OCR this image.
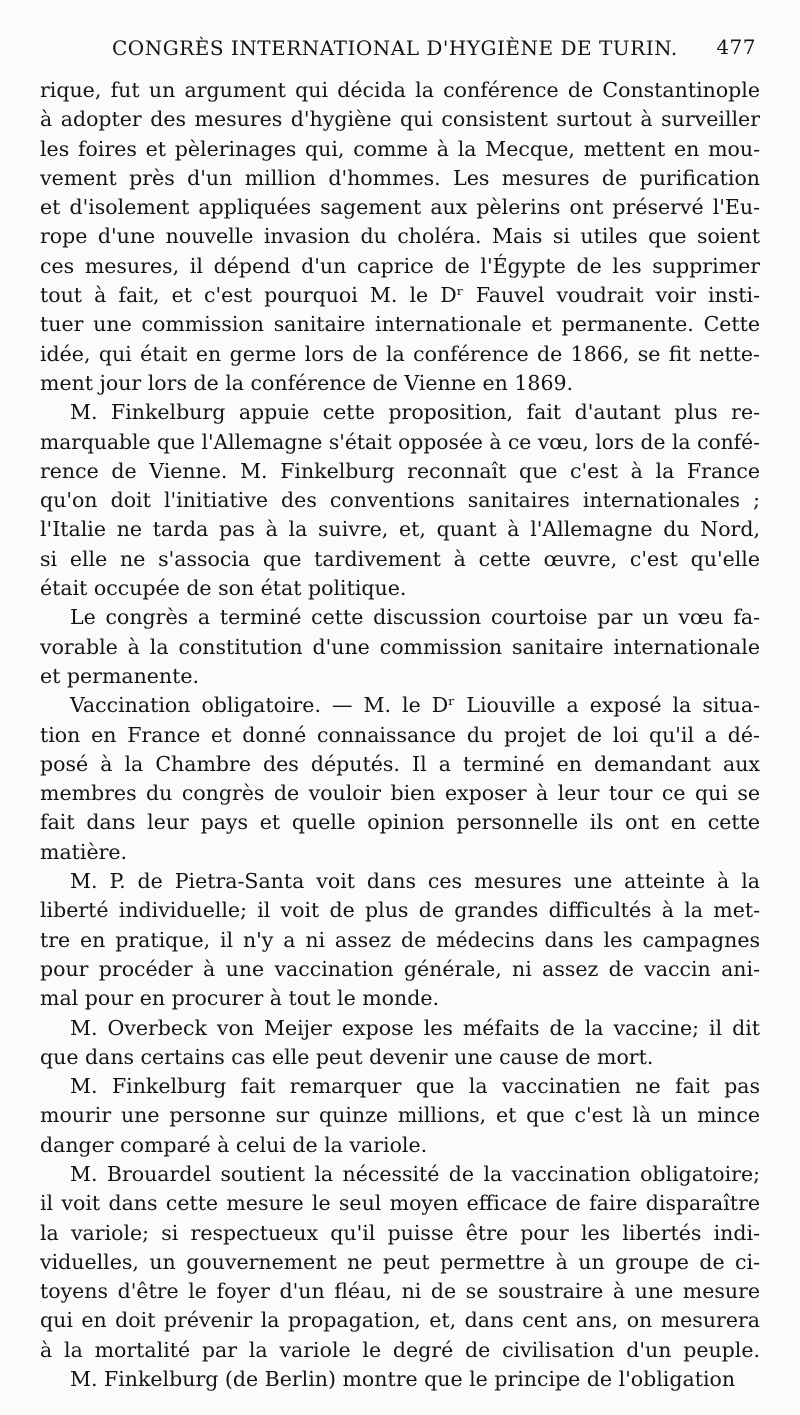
CONGRÈS INTERNATIONAL D'HYGIÈNE DE TURIN. 477
rique, fut un argument qui décida la conférence de Constantinople
à adopter des mesures d'hygiène qui consistent surtout à surveiller
les foires et pèlerinages qui, comme à la Mecque, mettent en mou-
vement près d'un million d'hommes. Les mesures de purification
et d'isolement appliquées sagement aux pèlerins ont préservé l'Eu-
rope d'une nouvelle invasion du choléra. Mais si utiles que soient
ces mesures, il dépend d'un caprice de l'Égypte de les supprimer
tout à fait, et c'est pourquoi M. le Dʳ Fauvel voudrait voir insti-
tuer une commission sanitaire internationale et permanente. Cette
idée, qui était en germe lors de la conférence de 1866, se fit nette-
ment jour lors de la conférence de Vienne en 1869.
M. Finkelburg appuie cette proposition, fait d'autant plus re-
marquable que l'Allemagne s'était opposée à ce vœu, lors de la confé-
rence de Vienne. M. Finkelburg reconnaît que c'est à la France
qu'on doit l'initiative des conventions sanitaires internationales ;
l'Italie ne tarda pas à la suivre, et, quant à l'Allemagne du Nord,
si elle ne s'associa que tardivement à cette œuvre, c'est qu'elle
était occupée de son état politique.
Le congrès a terminé cette discussion courtoise par un vœu fa-
vorable à la constitution d'une commission sanitaire internationale
et permanente.
Vaccination obligatoire. — M. le Dʳ Liouville a exposé la situa-
tion en France et donné connaissance du projet de loi qu'il a dé-
posé à la Chambre des députés. Il a terminé en demandant aux
membres du congrès de vouloir bien exposer à leur tour ce qui se
fait dans leur pays et quelle opinion personnelle ils ont en cette
matière.
M. P. de Pietra-Santa voit dans ces mesures une atteinte à la
liberté individuelle; il voit de plus de grandes difficultés à la met-
tre en pratique, il n'y a ni assez de médecins dans les campagnes
pour procéder à une vaccination générale, ni assez de vaccin ani-
mal pour en procurer à tout le monde.
M. Overbeck von Meijer expose les méfaits de la vaccine; il dit
que dans certains cas elle peut devenir une cause de mort.
M. Finkelburg fait remarquer que la vaccinatien ne fait pas
mourir une personne sur quinze millions, et que c'est là un mince
danger comparé à celui de la variole.
M. Brouardel soutient la nécessité de la vaccination obligatoire;
il voit dans cette mesure le seul moyen efficace de faire disparaître
la variole; si respectueux qu'il puisse être pour les libertés indi-
viduelles, un gouvernement ne peut permettre à un groupe de ci-
toyens d'être le foyer d'un fléau, ni de se soustraire à une mesure
qui en doit prévenir la propagation, et, dans cent ans, on mesurera
à la mortalité par la variole le degré de civilisation d'un peuple.
M. Finkelburg (de Berlin) montre que le principe de l'obligation
